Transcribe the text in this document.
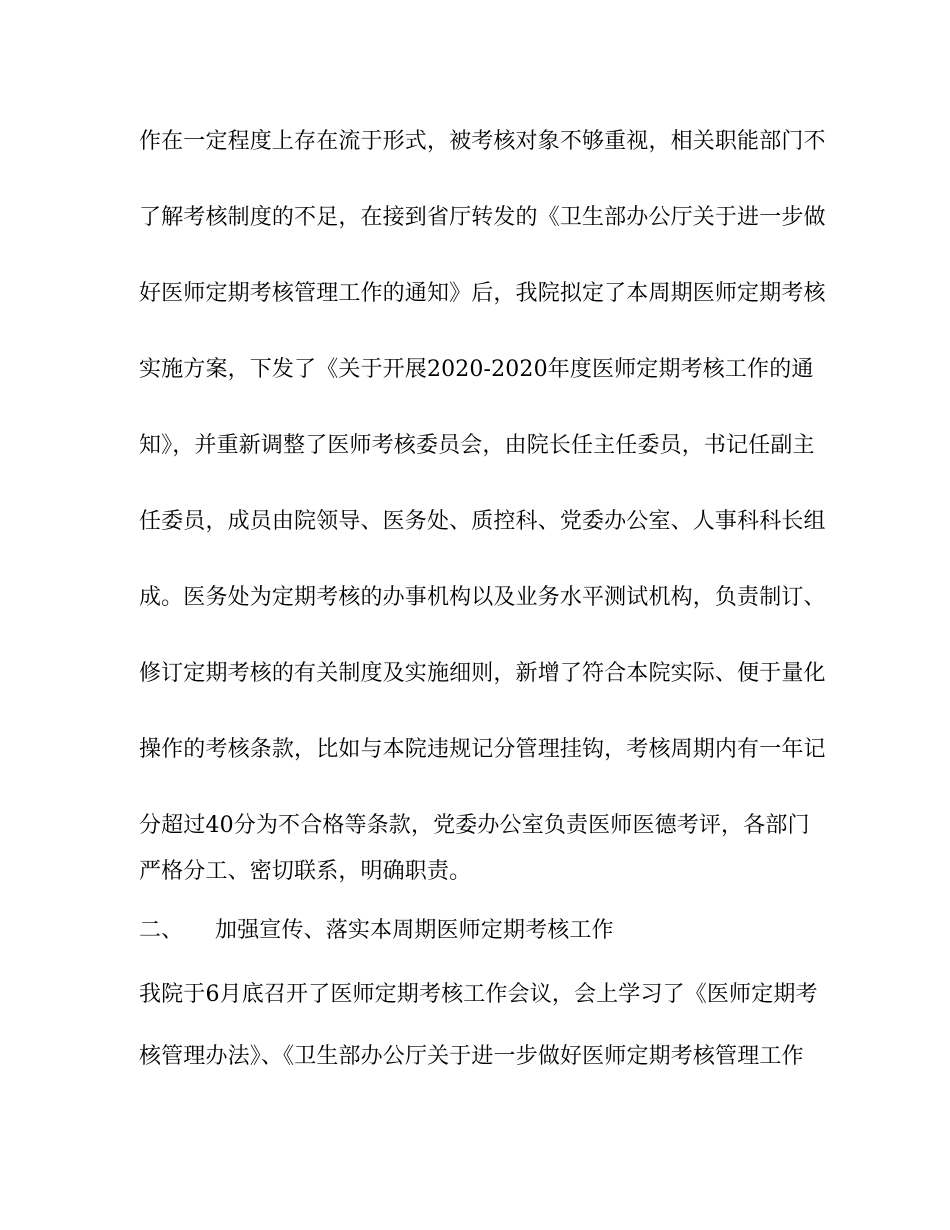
作在一定程度上存在流于形式，被考核对象不够重视，相关职能部门不
了解考核制度的不足，在接到省厅转发的《卫生部办公厅关于进一步做
好医师定期考核管理工作的通知》后，我院拟定了本周期医师定期考核
实施方案，下发了《关于开展2020-2020年度医师定期考核工作的通
知》，并重新调整了医师考核委员会，由院长任主任委员，书记任副主
任委员，成员由院领导、医务处、质控科、党委办公室、人事科科长组
成。医务处为定期考核的办事机构以及业务水平测试机构，负责制订、
修订定期考核的有关制度及实施细则，新增了符合本院实际、便于量化
操作的考核条款，比如与本院违规记分管理挂钩，考核周期内有一年记
分超过40分为不合格等条款，党委办公室负责医师医德考评，各部门
严格分工、密切联系，明确职责。
二、 加强宣传、落实本周期医师定期考核工作
我院于6月底召开了医师定期考核工作会议，会上学习了《医师定期考
核管理办法》、《卫生部办公厅关于进一步做好医师定期考核管理工作
